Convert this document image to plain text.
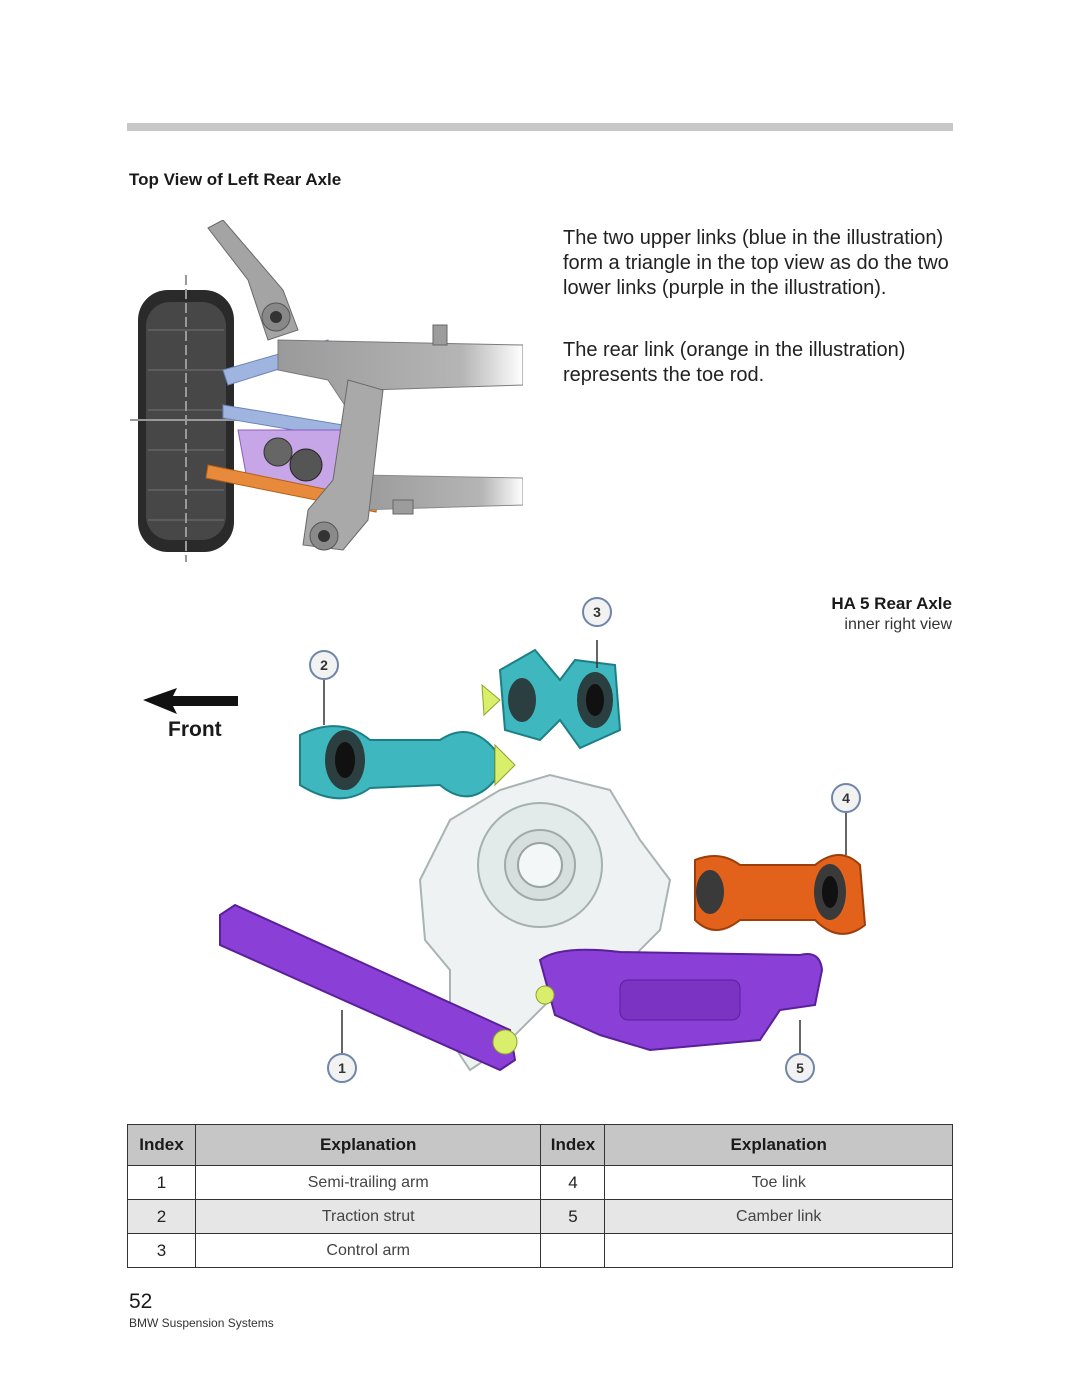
Top View of Left Rear Axle
The two upper links (blue in the illustration) form a triangle in the top view as do the two lower links (purple in the illustration).
The rear link (orange in the illustration) represents the toe rod.
HA 5 Rear Axle
inner right view
Front
1
2
3
4
5
Index	Explanation	Index	Explanation
1	Semi-trailing arm	4	Toe link
2	Traction strut	5	Camber link
3	Control arm		
52
BMW Suspension Systems
